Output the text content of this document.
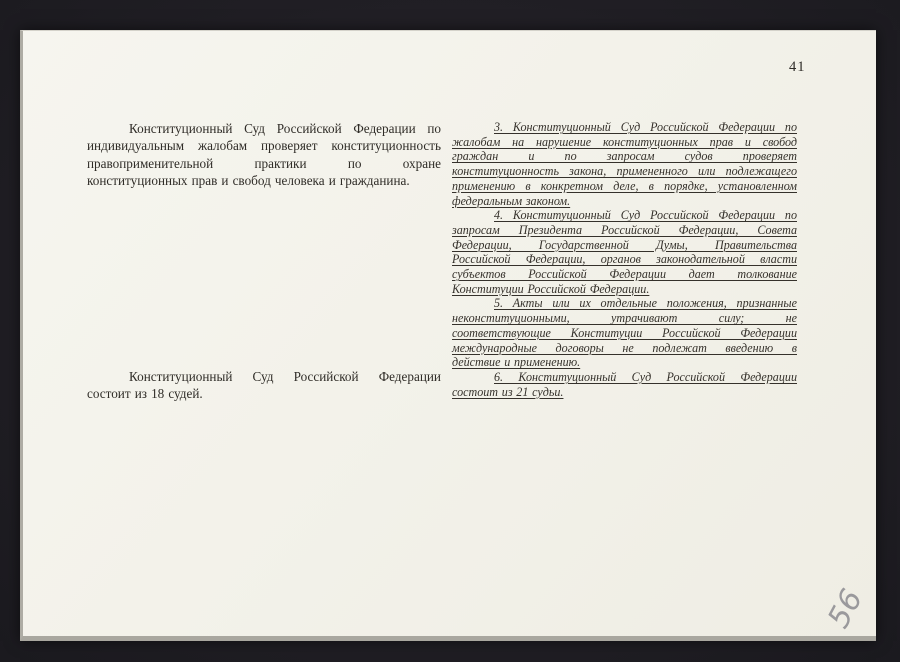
41
Конституционный Суд Российской Федерации по
индивидуальным жалобам проверяет конституционность
правоприменительной практики по охране
конституционных прав и свобод человека и гражданина.
Конституционный Суд Российской Федерации
состоит из 18 судей.
3. Конституционный Суд Российской Федерации по
жалобам на нарушение конституционных прав и свобод
граждан и по запросам судов проверяет
конституционность закона, примененного или подлежащего
применению в конкретном деле, в порядке, установленном
федеральным законом.
4. Конституционный Суд Российской Федерации по
запросам Президента Российской Федерации, Совета
Федерации, Государственной Думы, Правительства
Российской Федерации, органов законодательной власти
субъектов Российской Федерации дает толкование
Конституции Российской Федерации.
5. Акты или их отдельные положения, признанные
неконституционными, утрачивают силу; не
соответствующие Конституции Российской Федерации
международные договоры не подлежат введению в
действие и применению.
6. Конституционный Суд Российской Федерации
состоит из 21 судьи.
56
